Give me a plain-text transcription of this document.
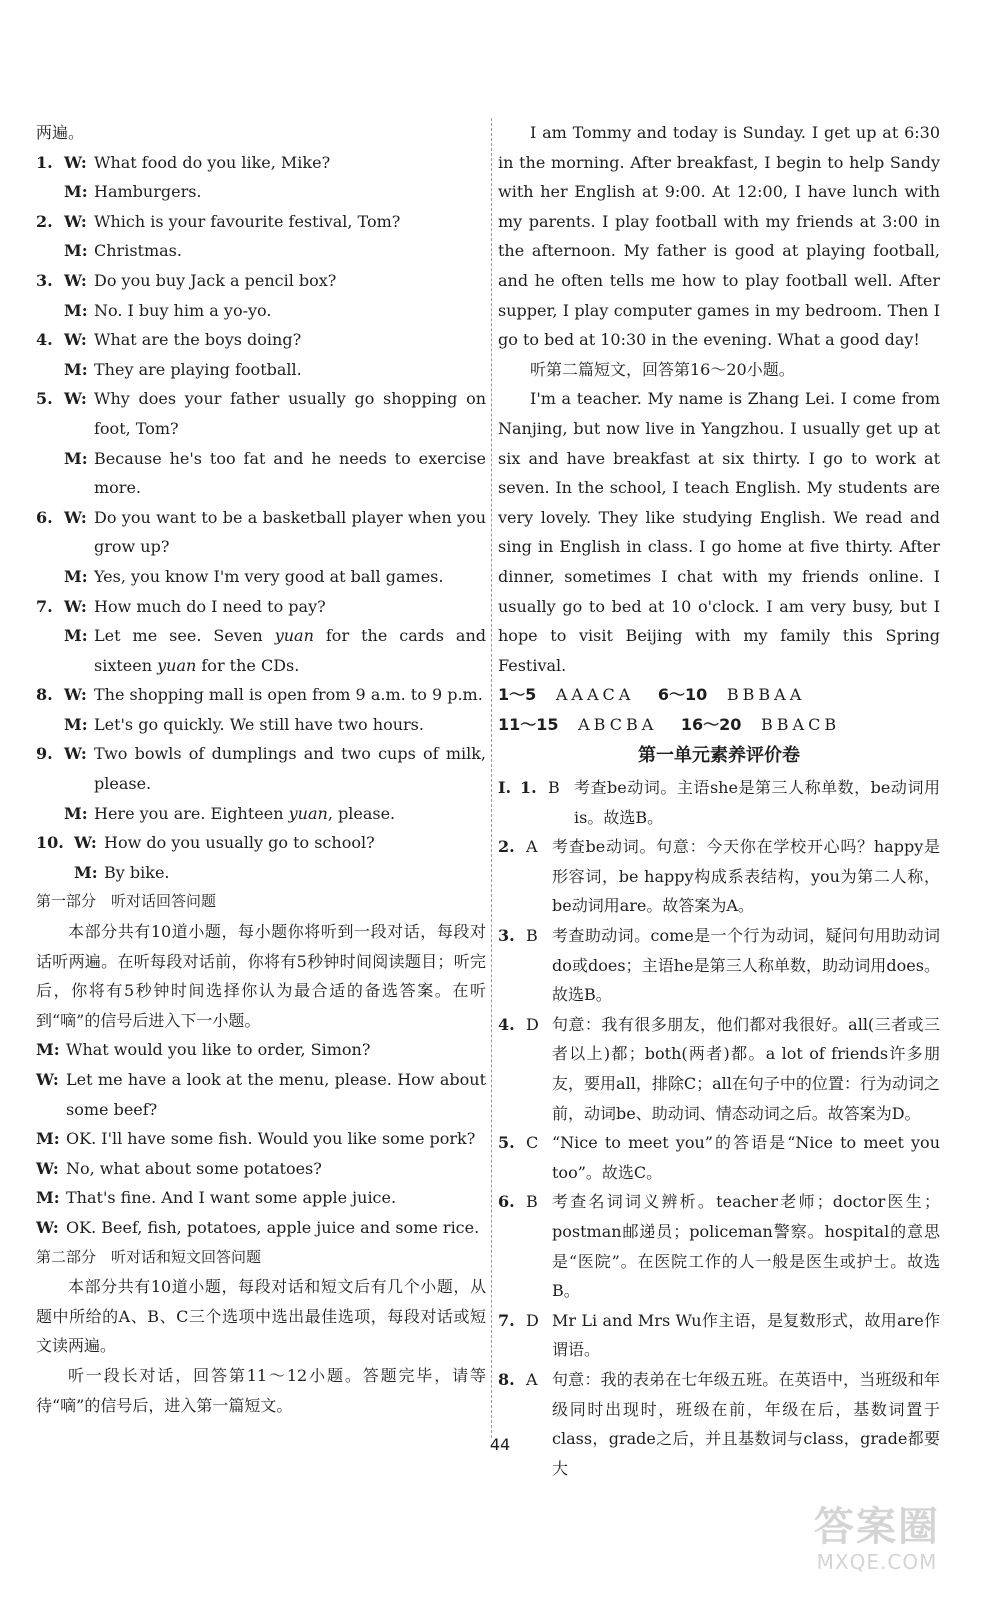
两遍。

1. W: What food do you like, Mike?
M: Hamburgers.
2. W: Which is your favourite festival, Tom?
M: Christmas.
3. W: Do you buy Jack a pencil box?
M: No. I buy him a yo-yo.
4. W: What are the boys doing?
M: They are playing football.
5. W: Why does your father usually go shopping on foot, Tom?
M: Because he's too fat and he needs to exercise more.
6. W: Do you want to be a basketball player when you grow up?
M: Yes, you know I'm very good at ball games.
7. W: How much do I need to pay?
M: Let me see. Seven yuan for the cards and sixteen yuan for the CDs.
8. W: The shopping mall is open from 9 a.m. to 9 p.m.
M: Let's go quickly. We still have two hours.
9. W: Two bowls of dumplings and two cups of milk, please.
M: Here you are. Eighteen yuan, please.
10. W: How do you usually go to school?
M: By bike.

第一部分　听对话回答问题

本部分共有10道小题，每小题你将听到一段对话，每段对话听两遍。在听每段对话前，你将有5秒钟时间阅读题目；听完后，你将有5秒钟时间选择你认为最合适的备选答案。在听到“嘀”的信号后进入下一小题。

M: What would you like to order, Simon?
W: Let me have a look at the menu, please. How about some beef?
M: OK. I'll have some fish. Would you like some pork?
W: No, what about some potatoes?
M: That's fine. And I want some apple juice.
W: OK. Beef, fish, potatoes, apple juice and some rice.

第二部分　听对话和短文回答问题

本部分共有10道小题，每段对话和短文后有几个小题，从题中所给的A、B、C三个选项中选出最佳选项，每段对话或短文读两遍。

听一段长对话，回答第11～12小题。答题完毕，请等待“嘀”的信号后，进入第一篇短文。

I am Tommy and today is Sunday. I get up at 6:30 in the morning. After breakfast, I begin to help Sandy with her English at 9:00. At 12:00, I have lunch with my parents. I play football with my friends at 3:00 in the afternoon. My father is good at playing football, and he often tells me how to play football well. After supper, I play computer games in my bedroom. Then I go to bed at 10:30 in the evening. What a good day!

听第二篇短文，回答第16～20小题。

I'm a teacher. My name is Zhang Lei. I come from Nanjing, but now live in Yangzhou. I usually get up at six and have breakfast at six thirty. I go to work at seven. In the school, I teach English. My students are very lovely. They like studying English. We read and sing in English in class. I go home at five thirty. After dinner, sometimes I chat with my friends online. I usually go to bed at 10 o'clock. I am very busy, but I hope to visit Beijing with my family this Spring Festival.

1～5 AAACA 6～10 BBBAA
11～15 ABCBA 16～20 BBACB

第一单元素养评价卷

Ⅰ. 1. B 考查be动词。主语she是第三人称单数，be动词用is。故选B。
2. A 考查be动词。句意：今天你在学校开心吗？happy是形容词，be happy构成系表结构，you为第二人称，be动词用are。故答案为A。
3. B 考查助动词。come是一个行为动词，疑问句用助动词do或does；主语he是第三人称单数，助动词用does。故选B。
4. D 句意：我有很多朋友，他们都对我很好。all(三者或三者以上)都；both(两者)都。a lot of friends许多朋友，要用all，排除C；all在句子中的位置：行为动词之前，动词be、助动词、情态动词之后。故答案为D。
5. C “Nice to meet you”的答语是“Nice to meet you too”。故选C。
6. B 考查名词词义辨析。teacher老师；doctor医生；postman邮递员；policeman警察。hospital的意思是“医院”。在医院工作的人一般是医生或护士。故选B。
7. D Mr Li and Mrs Wu作主语，是复数形式，故用are作谓语。
8. A 句意：我的表弟在七年级五班。在英语中，当班级和年级同时出现时，班级在前，年级在后，基数词置于class，grade之后，并且基数词与class，grade都要大
44
答案圈
MXQE.COM
